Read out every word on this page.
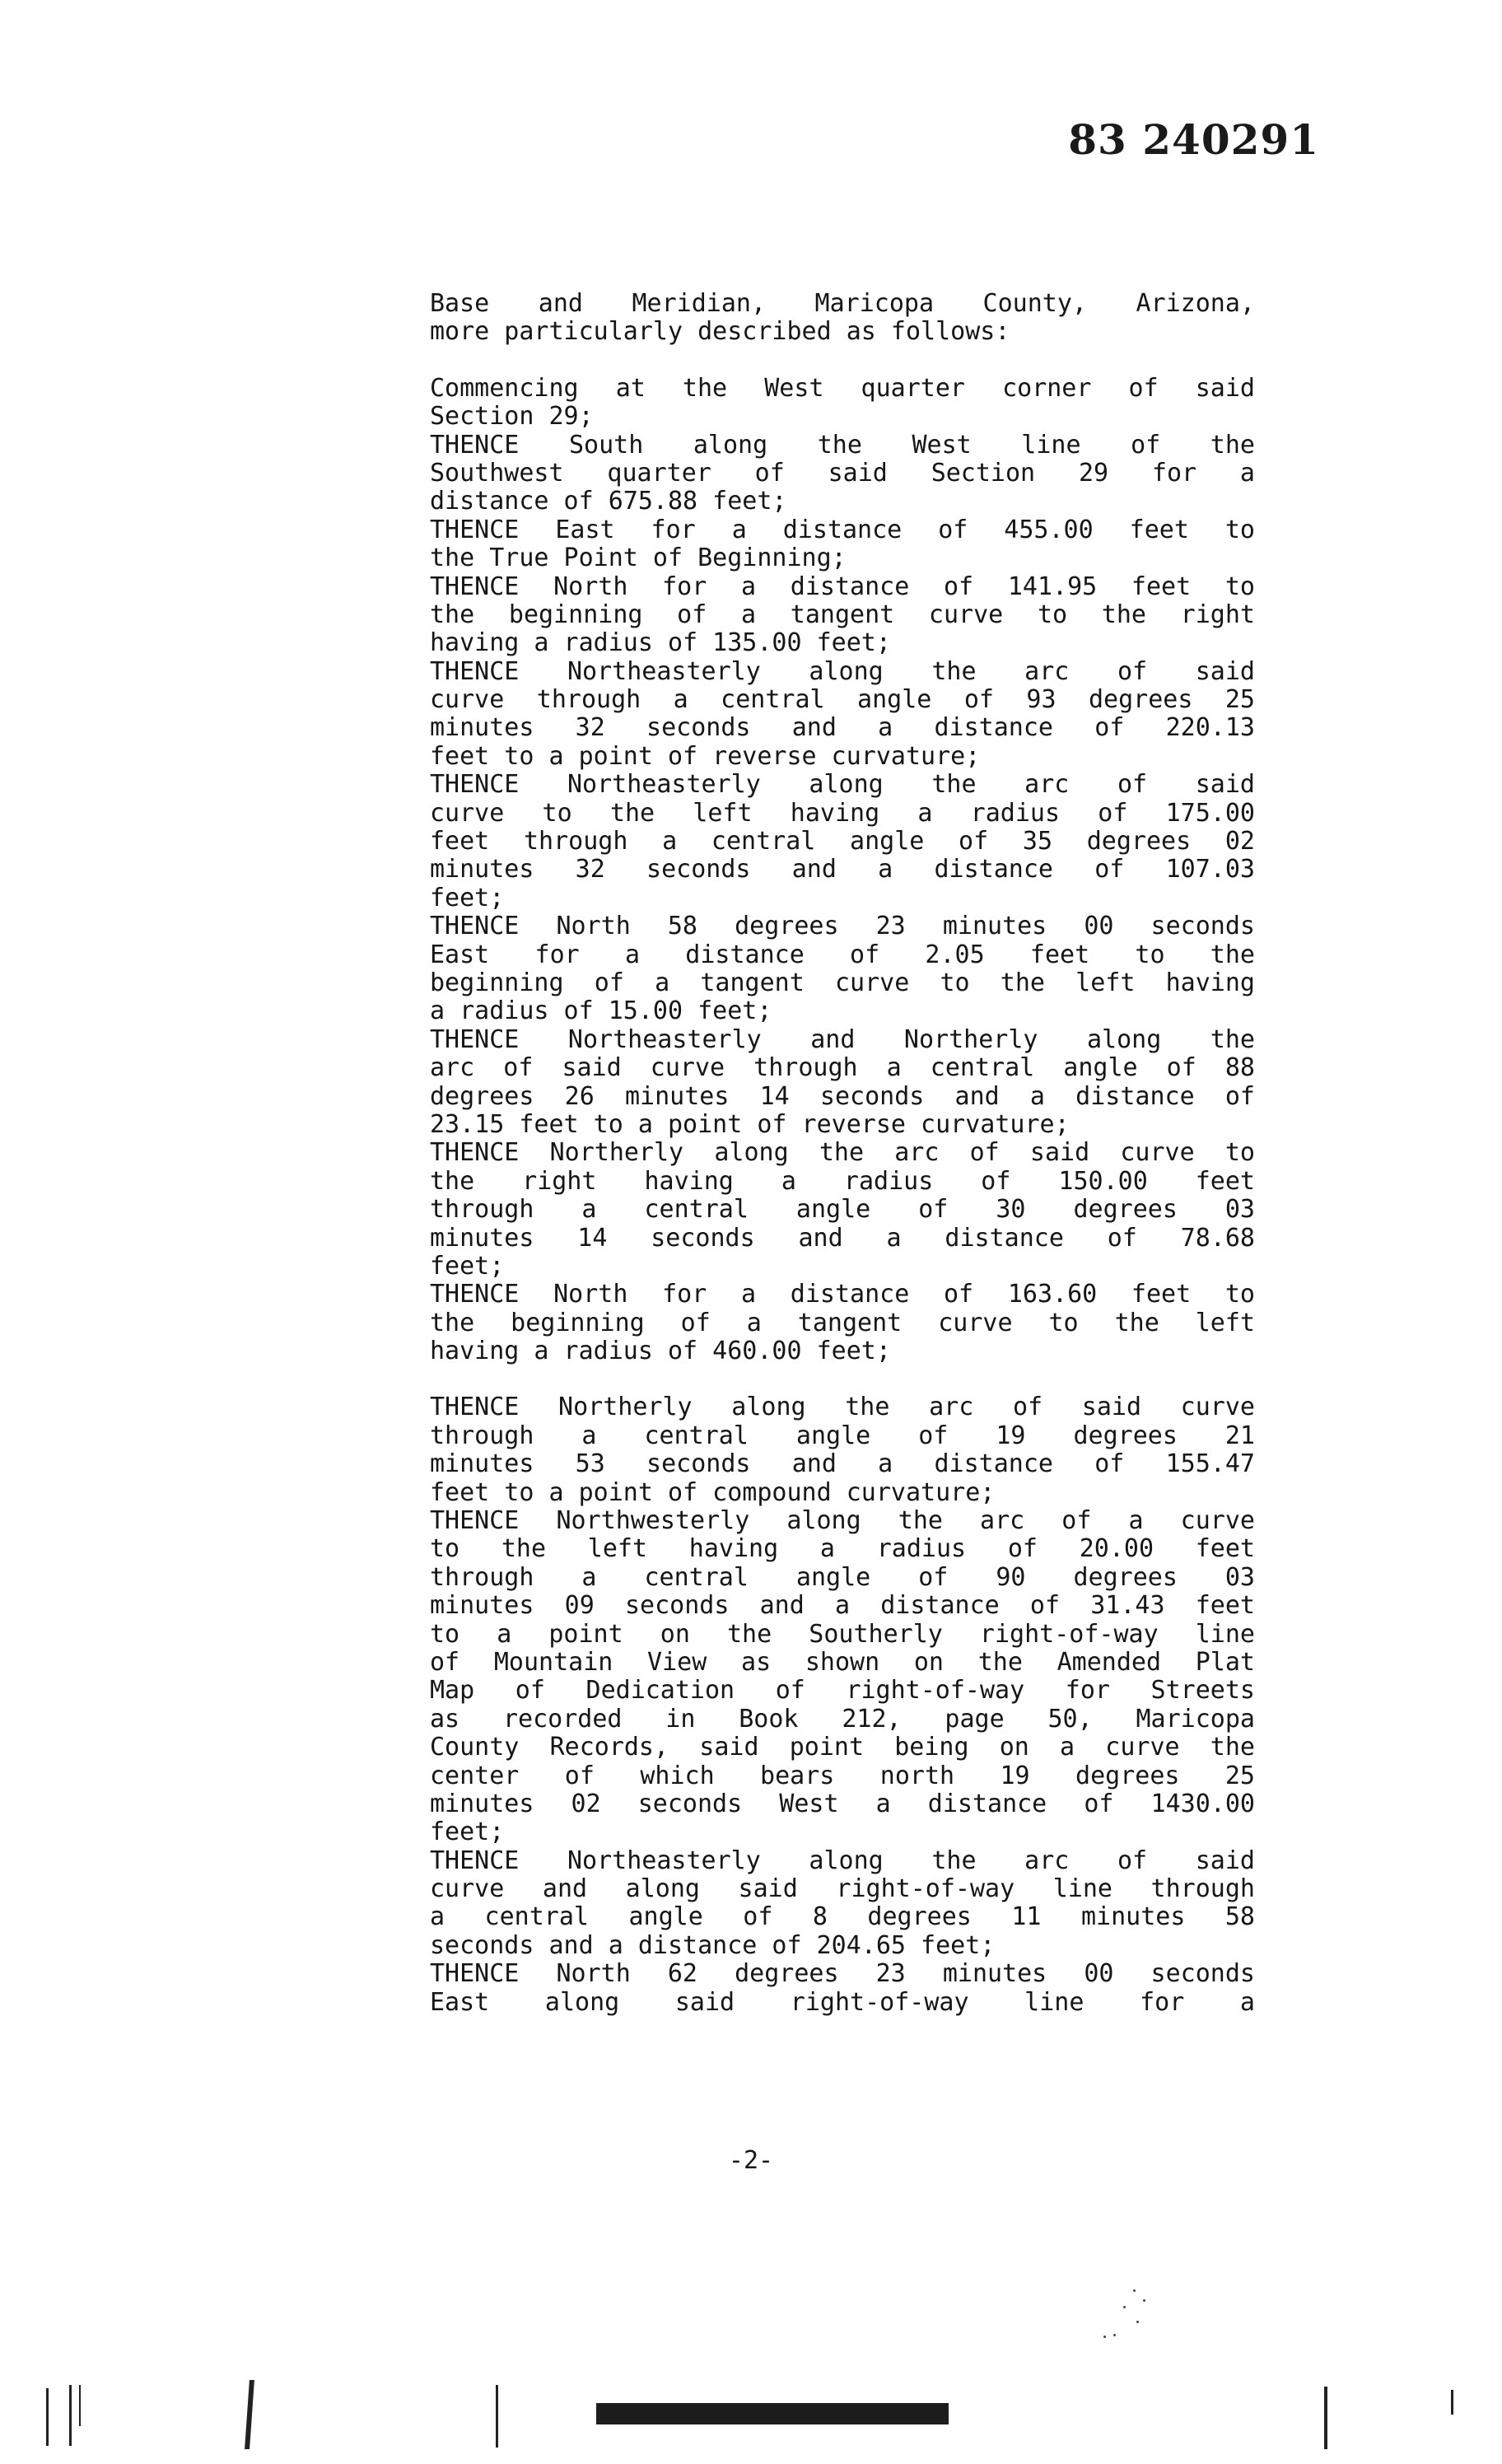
83 240291
Base and Meridian, Maricopa County, Arizona,
more particularly described as follows:
Commencing at the West quarter corner of said
Section 29;
THENCE South along the West line of the
Southwest quarter of said Section 29 for a
distance of 675.88 feet;
THENCE East for a distance of 455.00 feet to
the True Point of Beginning;
THENCE North for a distance of 141.95 feet to
the beginning of a tangent curve to the right
having a radius of 135.00 feet;
THENCE Northeasterly along the arc of said
curve through a central angle of 93 degrees 25
minutes 32 seconds and a distance of 220.13
feet to a point of reverse curvature;
THENCE Northeasterly along the arc of said
curve to the left having a radius of 175.00
feet through a central angle of 35 degrees 02
minutes 32 seconds and a distance of 107.03
feet;
THENCE North 58 degrees 23 minutes 00 seconds
East for a distance of 2.05 feet to the
beginning of a tangent curve to the left having
a radius of 15.00 feet;
THENCE Northeasterly and Northerly along the
arc of said curve through a central angle of 88
degrees 26 minutes 14 seconds and a distance of
23.15 feet to a point of reverse curvature;
THENCE Northerly along the arc of said curve to
the right having a radius of 150.00 feet
through a central angle of 30 degrees 03
minutes 14 seconds and a distance of 78.68
feet;
THENCE North for a distance of 163.60 feet to
the beginning of a tangent curve to the left
having a radius of 460.00 feet;
THENCE Northerly along the arc of said curve
through a central angle of 19 degrees 21
minutes 53 seconds and a distance of 155.47
feet to a point of compound curvature;
THENCE Northwesterly along the arc of a curve
to the left having a radius of 20.00 feet
through a central angle of 90 degrees 03
minutes 09 seconds and a distance of 31.43 feet
to a point on the Southerly right-of-way line
of Mountain View as shown on the Amended Plat
Map of Dedication of right-of-way for Streets
as recorded in Book 212, page 50, Maricopa
County Records, said point being on a curve the
center of which bears north 19 degrees 25
minutes 02 seconds West a distance of 1430.00
feet;
THENCE Northeasterly along the arc of said
curve and along said right-of-way line through
a central angle of 8 degrees 11 minutes 58
seconds and a distance of 204.65 feet;
THENCE North 62 degrees 23 minutes 00 seconds
East along said right-of-way line for a
-2-
